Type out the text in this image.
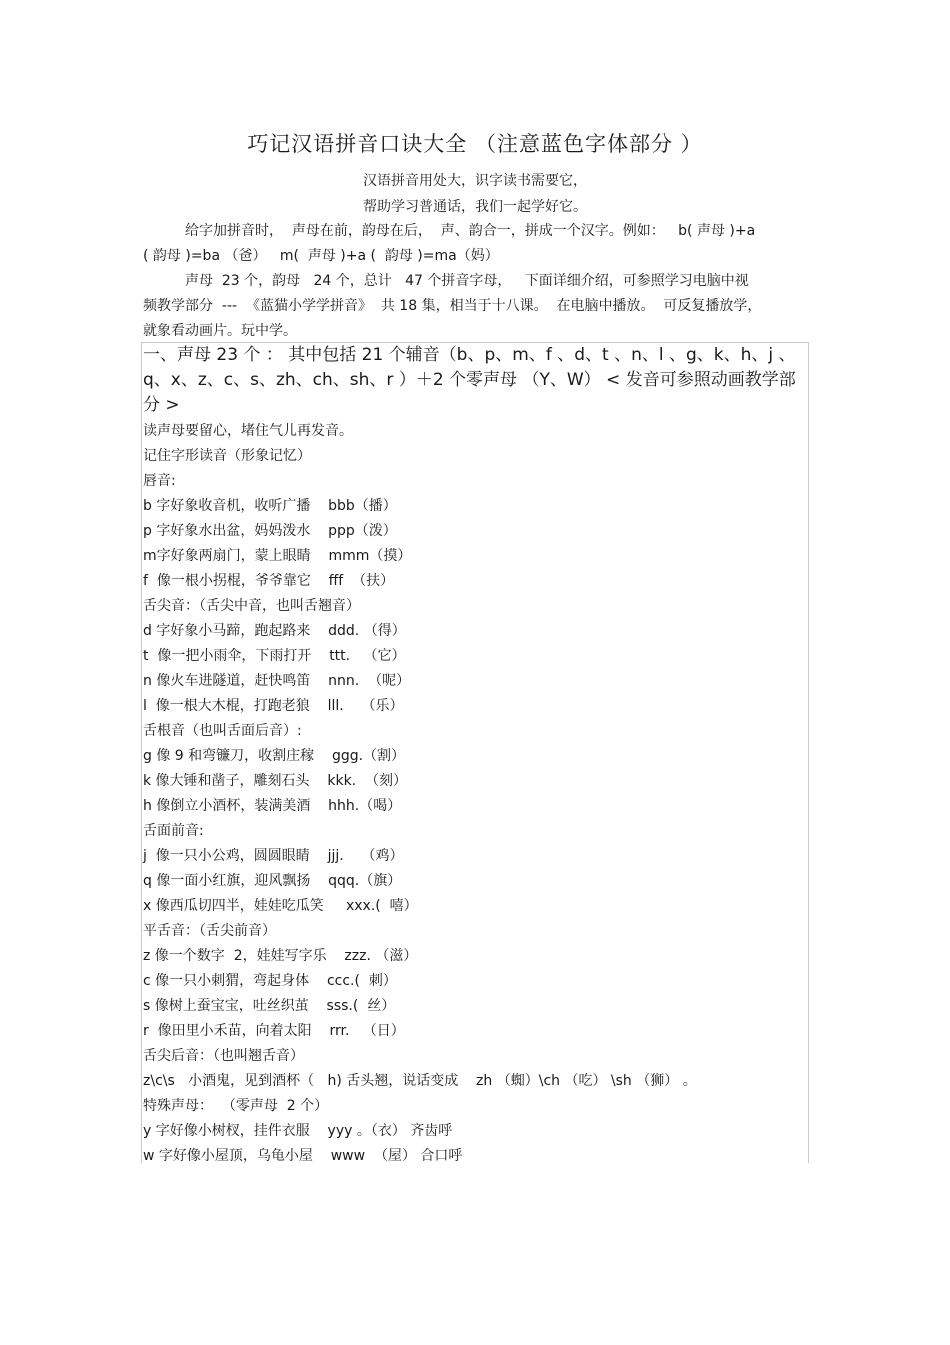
巧记汉语拼音口诀大全 （注意蓝色字体部分 ）
汉语拼音用处大，识字读书需要它，
帮助学习普通话，我们一起学好它。
给字加拼音时，  声母在前，韵母在后，  声、韵合一，拼成一个汉字。例如：   b( 声母 )+a
( 韵母 )=ba （爸）   m(  声母 )+a (  韵母 )=ma（妈）
声母  23 个，韵母   24 个，总计   47 个拼音字母，   下面详细介绍，可参照学习电脑中视
频教学部分  ---  《蓝猫小学学拼音》  共 18 集，相当于十八课。  在电脑中播放。  可反复播放学，
就象看动画片。玩中学。
一、声母 23 个 ： 其中包括 21 个辅音（b、p、m、f 、d、t 、n、l 、g、k、h、j 、q、x、z、c、s、zh、ch、sh、r ）＋2 个零声母 （Y、W） < 发音可参照动画教学部分 >
读声母要留心，堵住气儿再发音。
记住字形读音（形象记忆）
唇音:
b 字好象收音机，收听广播    bbb（播）
p 字好象水出盆，妈妈泼水    ppp（泼）
m字好象两扇门，蒙上眼睛    mmm（摸）
f  像一根小拐棍，爷爷靠它    fff  （扶）
舌尖音：（舌尖中音，也叫舌翘音）
d 字好象小马蹄，跑起路来    ddd. （得）
t  像一把小雨伞，下雨打开    ttt.   （它）
n 像火车进隧道，赶快鸣笛    nnn.  （呢）
l  像一根大木棍，打跑老狼    lll.    （乐）
舌根音（也叫舌面后音）:
g 像 9 和弯镰刀，收割庄稼    ggg.（割）
k 像大锤和凿子，雕刻石头    kkk.  （刻）
h 像倒立小酒杯，装满美酒    hhh.（喝）
舌面前音:
j  像一只小公鸡，圆圆眼睛    jjj.    （鸡）
q 像一面小红旗，迎风飘扬    qqq.（旗）
x 像西瓜切四半，娃娃吃瓜笑     xxx.(  嘻）
平舌音：（舌尖前音）
z 像一个数字  2，娃娃写字乐    zzz. （滋）
c 像一只小刺猬，弯起身体    ccc.(  刺）
s 像树上蚕宝宝，吐丝织茧    sss.(  丝）
r  像田里小禾苗，向着太阳    rrr.   （日）
舌尖后音：（也叫翘舌音）
z\c\s   小酒鬼，见到酒杯（   h) 舌头翘，说话变成    zh （蜘）\ch （吃） \sh （狮） 。
特殊声母：  （零声母  2 个）
y 字好像小树杈，挂件衣服    yyy 。（衣） 齐齿呼
w 字好像小屋顶，乌龟小屋    www  （屋） 合口呼
